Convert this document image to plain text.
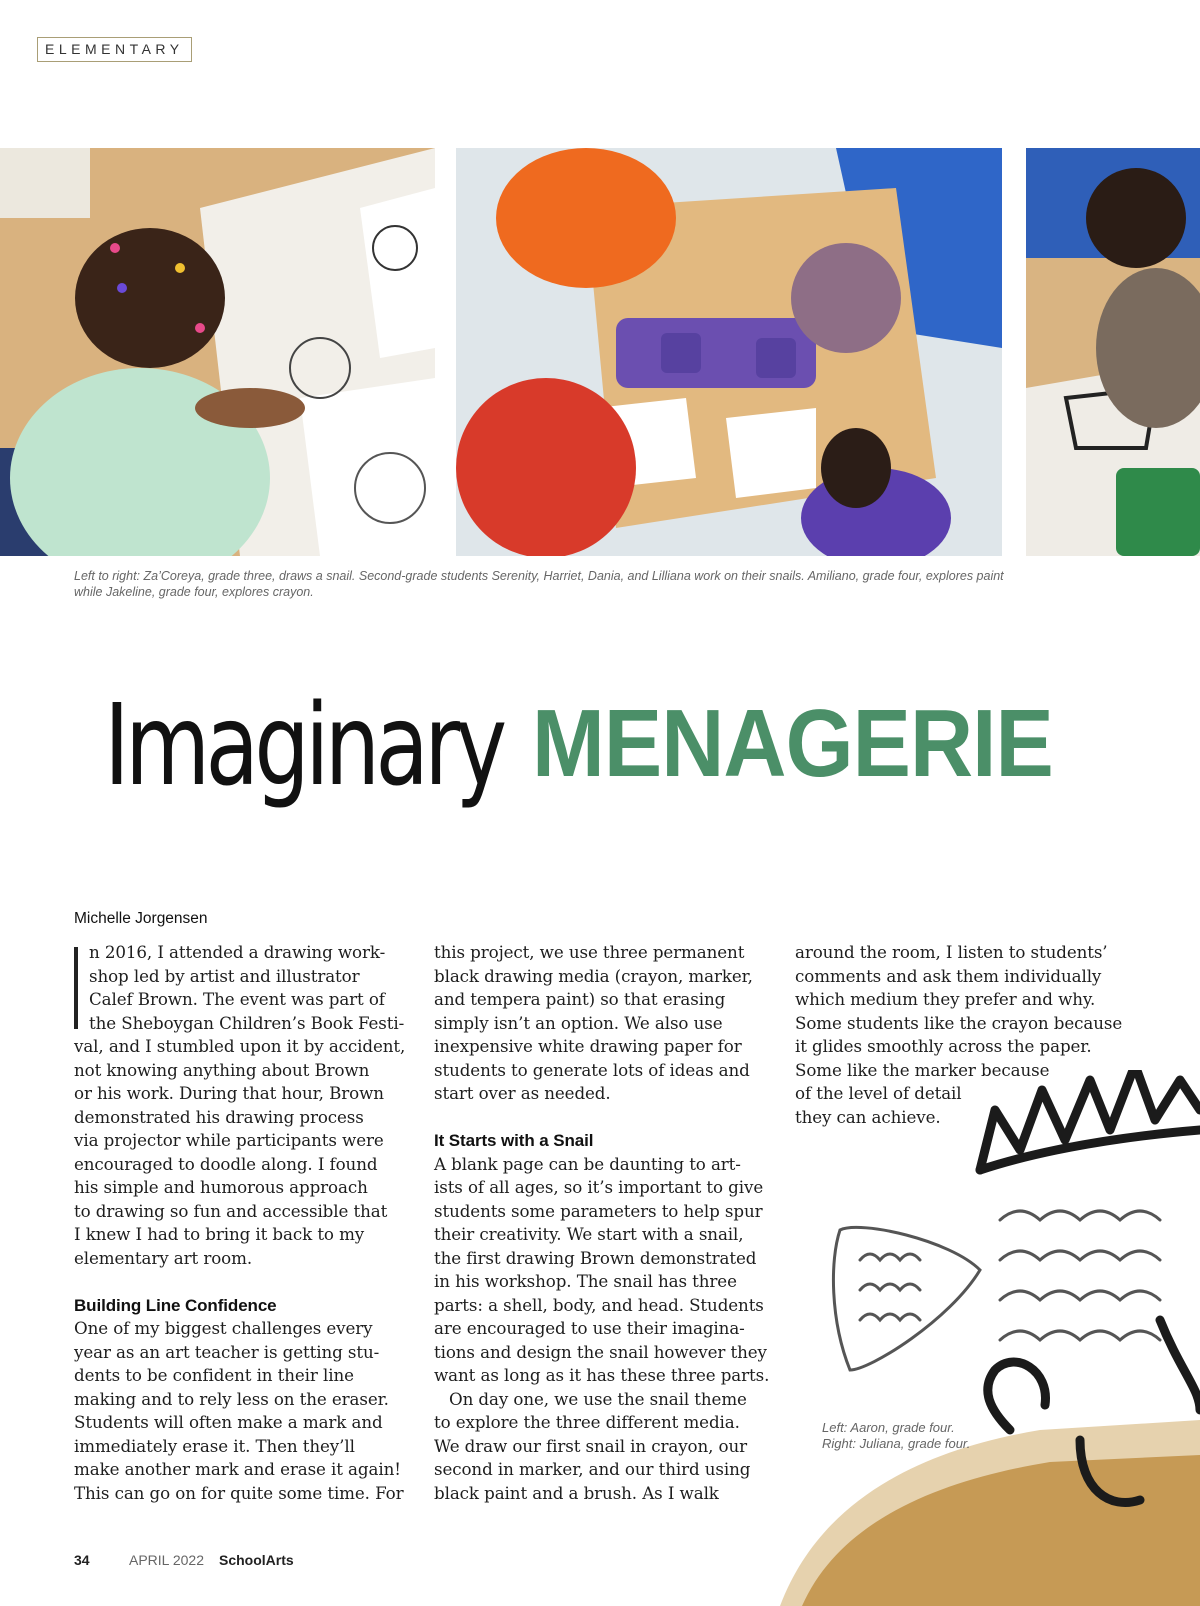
ELEMENTARY
Left to right: Za’Coreya, grade three, draws a snail. Second-grade students Serenity, Harriet, Dania, and Lilliana work on their snails. Amiliano, grade four, explores paint while Jakeline, grade four, explores crayon.
Imaginary MENAGERIE
Michelle Jorgensen
Left: Aaron, grade four.
Right: Juliana, grade four.

n 2016, I attended a drawing work-
shop led by artist and illustrator
Calef Brown. The event was part of
the Sheboygan Children’s Book Festi-
val, and I stumbled upon it by accident,
not knowing anything about Brown
or his work. During that hour, Brown
demonstrated his drawing process
via projector while participants were
encouraged to doodle along. I found
his simple and humorous approach
to drawing so fun and accessible that
I knew I had to bring it back to my
elementary art room.

Building Line Confidence

One of my biggest challenges every
year as an art teacher is getting stu-
dents to be confident in their line
making and to rely less on the eraser.
Students will often make a mark and
immediately erase it. Then they’ll
make another mark and erase it again!
This can go on for quite some time. For

this project, we use three permanent
black drawing media (crayon, marker,
and tempera paint) so that erasing
simply isn’t an option. We also use
inexpensive white drawing paper for
students to generate lots of ideas and
start over as needed.

It Starts with a Snail

A blank page can be daunting to art-
ists of all ages, so it’s important to give
students some parameters to help spur
their creativity. We start with a snail,
the first drawing Brown demonstrated
in his workshop. The snail has three
parts: a shell, body, and head. Students
are encouraged to use their imagina-
tions and design the snail however they
want as long as it has these three parts.

On day one, we use the snail theme
to explore the three different media.
We draw our first snail in crayon, our
second in marker, and our third using
black paint and a brush. As I walk

around the room, I listen to students’
comments and ask them individually
which medium they prefer and why.
Some students like the crayon because
it glides smoothly across the paper.
Some like the marker because
of the level of detail
they can achieve.

34	APRIL 2022 SchoolArts
